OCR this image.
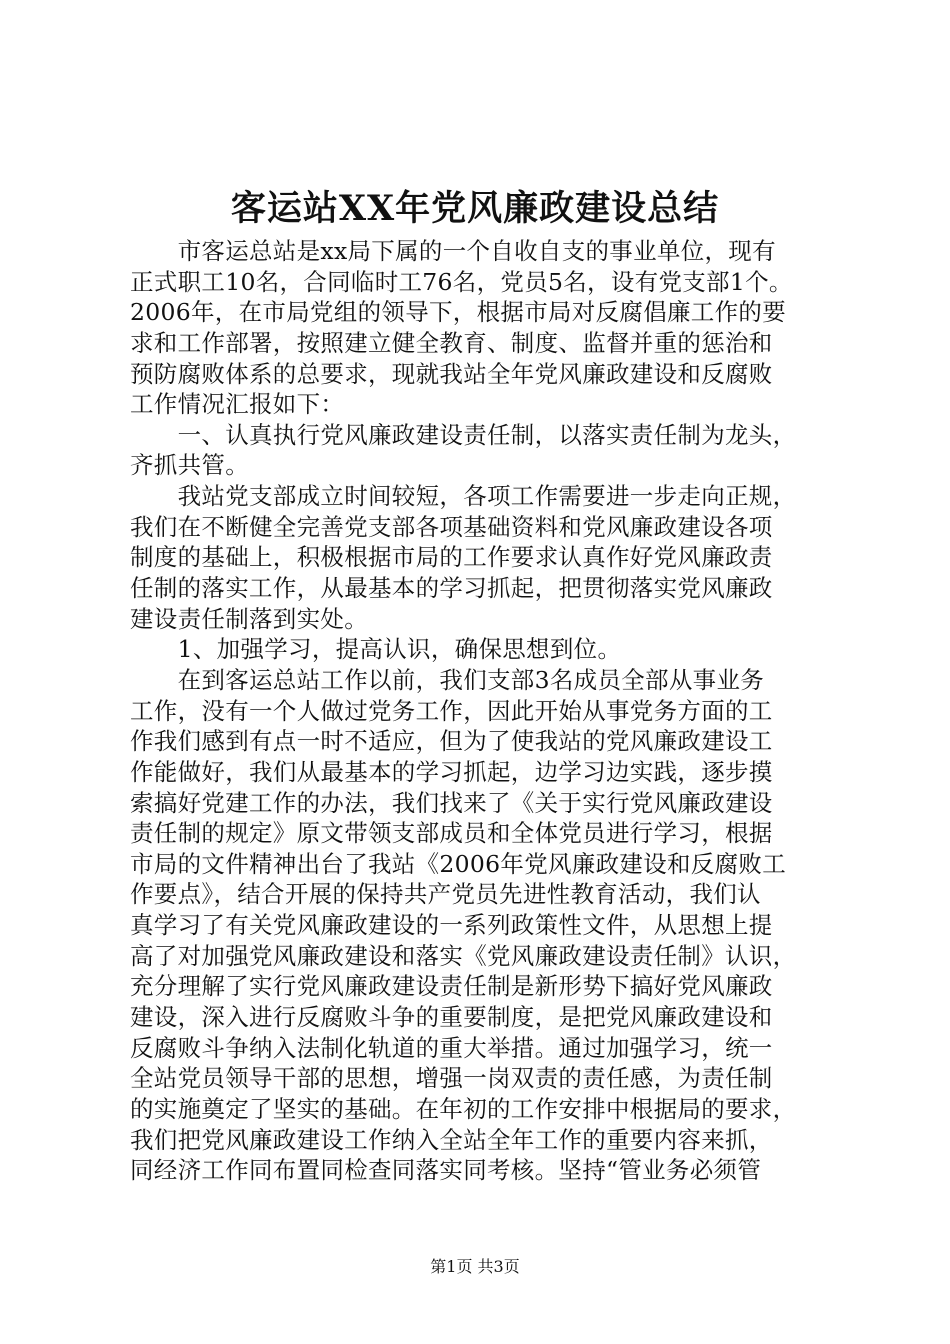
客运站XX年党风廉政建设总结
　　市客运总站是xx局下属的一个自收自支的事业单位，现有
正式职工10名，合同临时工76名，党员5名，设有党支部1个。
2006年，在市局党组的领导下，根据市局对反腐倡廉工作的要
求和工作部署，按照建立健全教育、制度、监督并重的惩治和
预防腐败体系的总要求，现就我站全年党风廉政建设和反腐败
工作情况汇报如下：
　　一、认真执行党风廉政建设责任制，以落实责任制为龙头，
齐抓共管。
　　我站党支部成立时间较短，各项工作需要进一步走向正规，
我们在不断健全完善党支部各项基础资料和党风廉政建设各项
制度的基础上，积极根据市局的工作要求认真作好党风廉政责
任制的落实工作，从最基本的学习抓起，把贯彻落实党风廉政
建设责任制落到实处。
　　1、加强学习，提高认识，确保思想到位。
　　在到客运总站工作以前，我们支部3名成员全部从事业务
工作，没有一个人做过党务工作，因此开始从事党务方面的工
作我们感到有点一时不适应，但为了使我站的党风廉政建设工
作能做好，我们从最基本的学习抓起，边学习边实践，逐步摸
索搞好党建工作的办法，我们找来了《关于实行党风廉政建设
责任制的规定》原文带领支部成员和全体党员进行学习，根据
市局的文件精神出台了我站《2006年党风廉政建设和反腐败工
作要点》，结合开展的保持共产党员先进性教育活动，我们认
真学习了有关党风廉政建设的一系列政策性文件，从思想上提
高了对加强党风廉政建设和落实《党风廉政建设责任制》认识，
充分理解了实行党风廉政建设责任制是新形势下搞好党风廉政
建设，深入进行反腐败斗争的重要制度，是把党风廉政建设和
反腐败斗争纳入法制化轨道的重大举措。通过加强学习，统一
全站党员领导干部的思想，增强一岗双责的责任感，为责任制
的实施奠定了坚实的基础。在年初的工作安排中根据局的要求，
我们把党风廉政建设工作纳入全站全年工作的重要内容来抓，
同经济工作同布置同检查同落实同考核。坚持“管业务必须管
第1页 共3页
